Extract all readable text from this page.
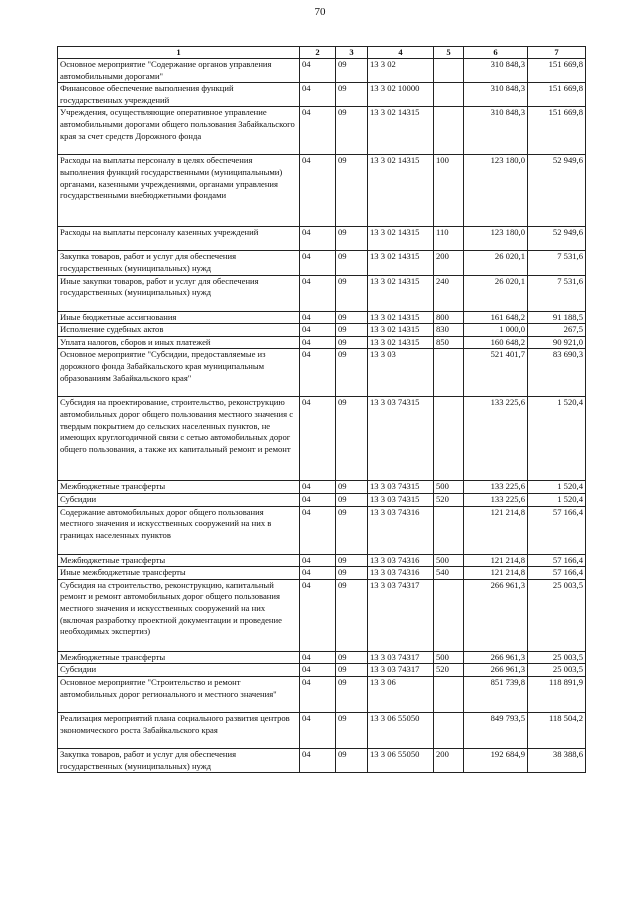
70
1	2	3	4	5	6	7
Основное мероприятие "Содержание органов управления автомобильными дорогами"	04	09	13 3 02		310 848,3	151 669,8
Финансовое обеспечение выполнения функций государственных учреждений	04	09	13 3 02 10000		310 848,3	151 669,8
Учреждения, осуществляющие оперативное управление автомобильными дорогами общего пользования Забайкальского края за счет средств Дорожного фонда	04	09	13 3 02 14315		310 848,3	151 669,8
Расходы на выплаты персоналу в целях обеспечения выполнения функций государственными (муниципальными) органами, казенными учреждениями, органами управления государственными внебюджетными фондами	04	09	13 3 02 14315	100	123 180,0	52 949,6
Расходы на выплаты персоналу казенных учреждений	04	09	13 3 02 14315	110	123 180,0	52 949,6
Закупка товаров, работ и услуг для обеспечения государственных (муниципальных) нужд	04	09	13 3 02 14315	200	26 020,1	7 531,6
Иные закупки товаров, работ и услуг для обеспечения государственных (муниципальных) нужд	04	09	13 3 02 14315	240	26 020,1	7 531,6
Иные бюджетные ассигнования	04	09	13 3 02 14315	800	161 648,2	91 188,5
Исполнение судебных актов	04	09	13 3 02 14315	830	1 000,0	267,5
Уплата налогов, сборов и иных платежей	04	09	13 3 02 14315	850	160 648,2	90 921,0
Основное мероприятие "Субсидии, предоставляемые из дорожного фонда Забайкальского края муниципальным образованиям Забайкальского края"	04	09	13 3 03		521 401,7	83 690,3
Субсидия на проектирование, строительство, реконструкцию автомобильных дорог общего пользования местного значения с твердым покрытием до сельских населенных пунктов, не имеющих круглогодичной связи с сетью автомобильных дорог общего пользования, а также их капитальный ремонт и ремонт	04	09	13 3 03 74315		133 225,6	1 520,4
Межбюджетные трансферты	04	09	13 3 03 74315	500	133 225,6	1 520,4
Субсидии	04	09	13 3 03 74315	520	133 225,6	1 520,4
Содержание автомобильных дорог общего пользования местного значения и искусственных сооружений на них в границах населенных пунктов	04	09	13 3 03 74316		121 214,8	57 166,4
Межбюджетные трансферты	04	09	13 3 03 74316	500	121 214,8	57 166,4
Иные межбюджетные трансферты	04	09	13 3 03 74316	540	121 214,8	57 166,4
Субсидия на строительство, реконструкцию, капитальный ремонт и ремонт автомобильных дорог общего пользования местного значения и искусственных сооружений на них (включая разработку проектной документации и проведение необходимых экспертиз)	04	09	13 3 03 74317		266 961,3	25 003,5
Межбюджетные трансферты	04	09	13 3 03 74317	500	266 961,3	25 003,5
Субсидии	04	09	13 3 03 74317	520	266 961,3	25 003,5
Основное мероприятие "Строительство и ремонт автомобильных дорог регионального и местного значения"	04	09	13 3 06		851 739,8	118 891,9
Реализация мероприятий плана социального развития центров экономического роста Забайкальского края	04	09	13 3 06 55050		849 793,5	118 504,2
Закупка товаров, работ и услуг для обеспечения государственных (муниципальных) нужд	04	09	13 3 06 55050	200	192 684,9	38 388,6
